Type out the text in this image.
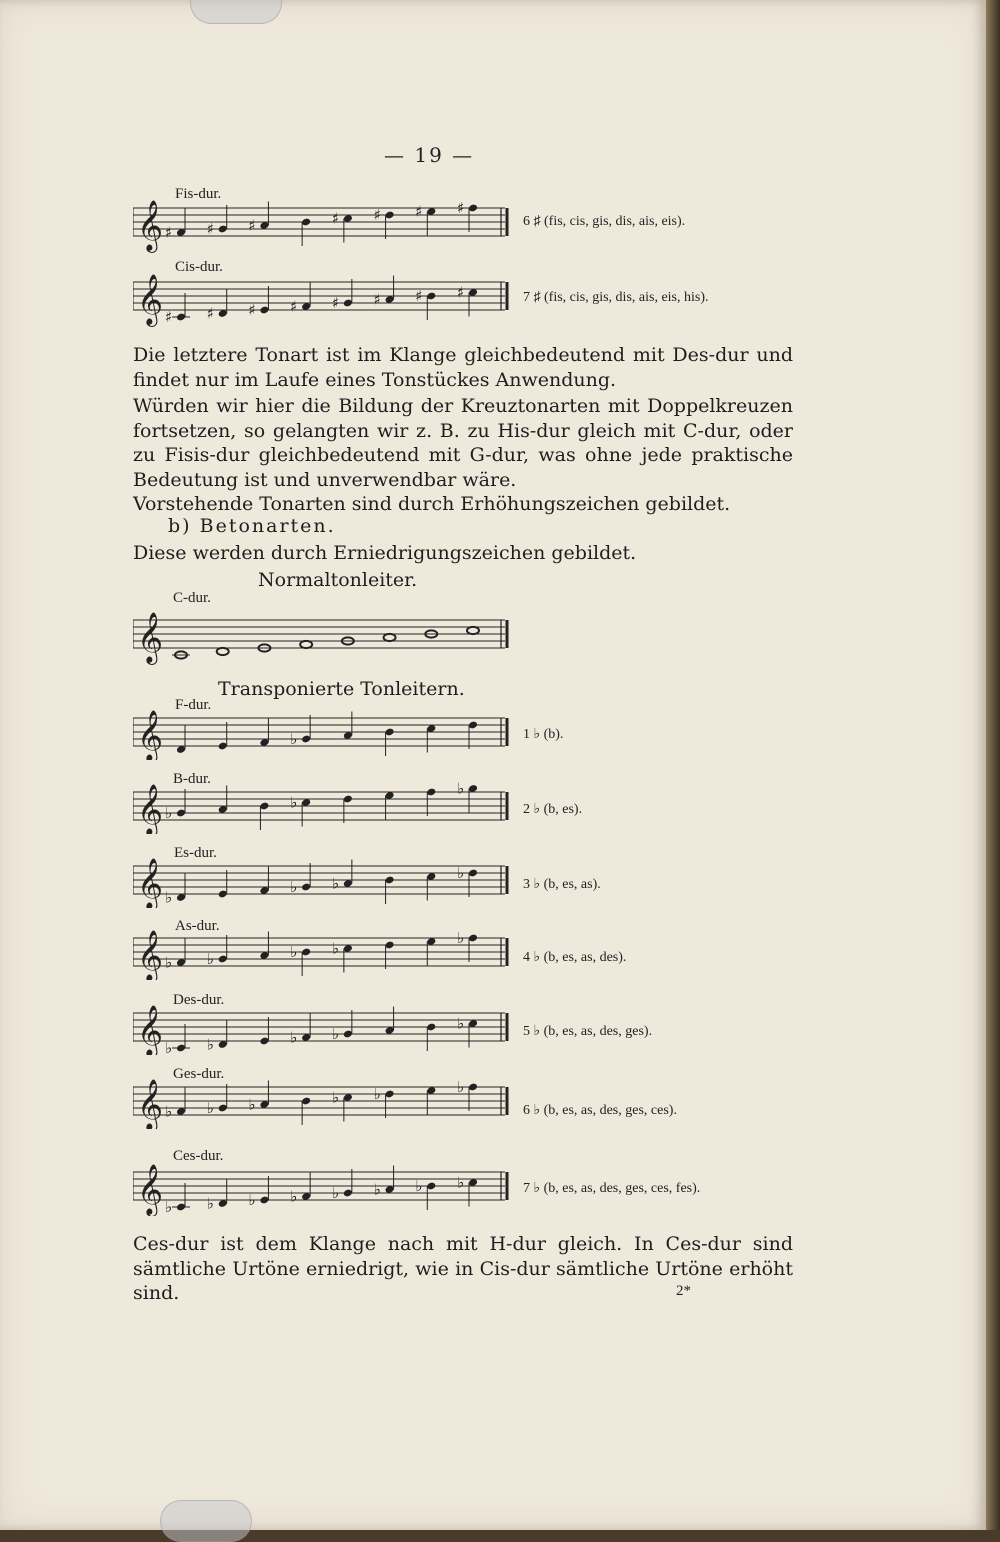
— 19 —
Fis-dur.
𝄞 ♯ ♯ ♯	♯ ♯ ♯ ♯
6 ♯ (fis, cis, gis, dis, ais, eis).
Cis-dur.
𝄞 ♯ ♯ ♯ ♯ ♯ ♯ ♯ ♯	7 ♯ (fis, cis, gis, dis, ais, eis, his).

Die letztere Tonart ist im Klange gleichbedeutend mit Des-dur und findet nur im Laufe eines Tonstückes Anwendung.

Würden wir hier die Bildung der Kreuztonarten mit Doppelkreuzen fortsetzen, so gelangten wir z. B. zu His-dur gleich mit C-dur, oder zu Fisis-dur gleichbedeutend mit G-dur, was ohne jede praktische Bedeutung ist und unverwendbar wäre.

Vorstehende Tonarten sind durch Erhöhungszeichen gebildet.

b) Betonarten.

Diese werden durch Erniedrigungszeichen gebildet.

Normaltonleiter.
C-dur.
𝄞
Transponierte Tonleitern.
F-dur.
𝄞	♭	1 ♭ (b).
B-dur.
𝄞 ♭
♭
♭
2 ♭ (b, es).
Es-dur.
𝄞 ♭
♭ ♭
♭
3 ♭ (b, es, as).
As-dur.
𝄞 ♭ ♭	♭ ♭
♭
4 ♭ (b, es, as, des).
Des-dur.
𝄞 ♭ ♭	♭ ♭
♭	5 ♭ (b, es, as, des, ges).
Ges-dur.
𝄞 ♭ ♭ ♭	♭ ♭	♭
6 ♭ (b, es, as, des, ges, ces).
Ces-dur.
𝄞 ♭ ♭ ♭ ♭ ♭ ♭ ♭ ♭	7 ♭ (b, es, as, des, ges, ces, fes).

Ces-dur ist dem Klange nach mit H-dur gleich. In Ces-dur sind sämtliche Urtöne erniedrigt, wie in Cis-dur sämtliche Urtöne erhöht sind.	2*
